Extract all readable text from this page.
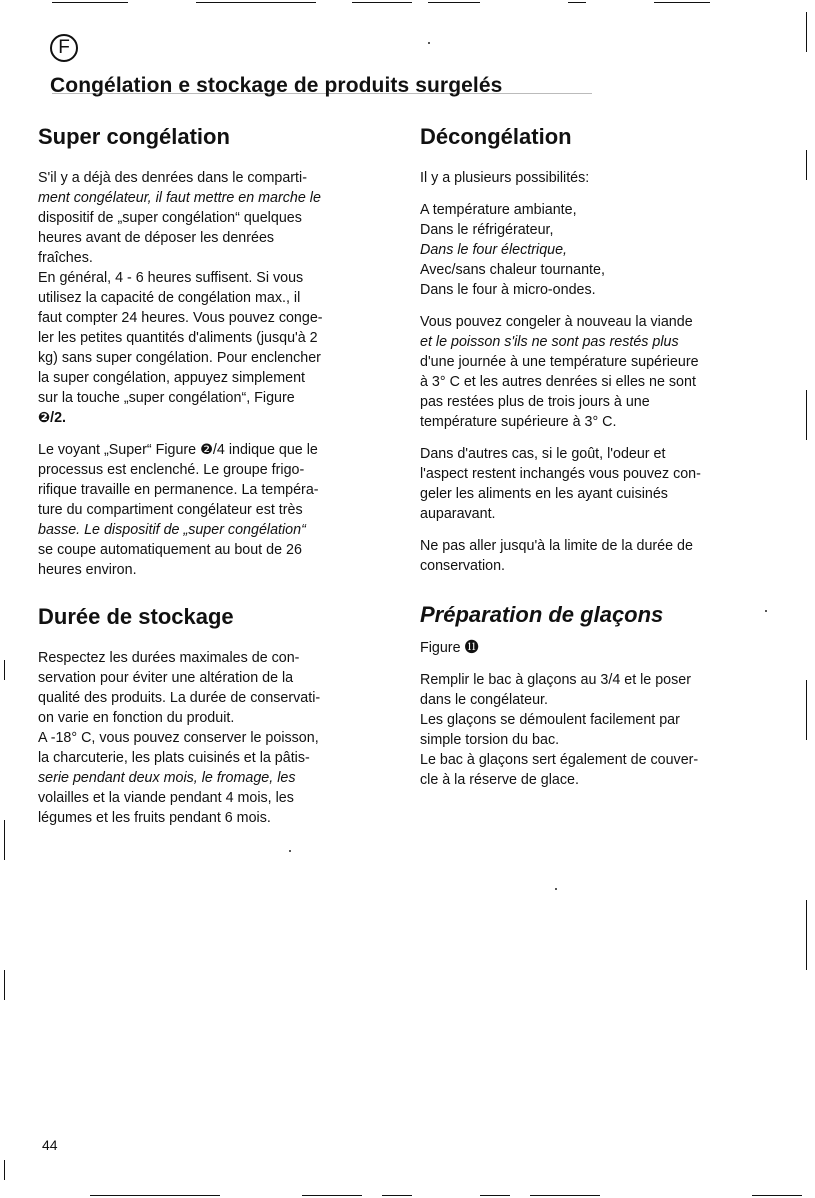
F
Congélation e stockage de produits surgelés
Super congélation

S'il y a déjà des denrées dans le comparti-
ment congélateur, il faut mettre en marche le
dispositif de „super congélation“ quelques
heures avant de déposer les denrées
fraîches.
En général, 4 - 6 heures suffisent. Si vous
utilisez la capacité de congélation max., il
faut compter 24 heures. Vous pouvez conge-
ler les petites quantités d'aliments (jusqu'à 2
kg) sans super congélation. Pour enclencher
la super congélation, appuyez simplement
sur la touche „super congélation“, Figure
❷/2.

Le voyant „Super“ Figure ❷/4 indique que le
processus est enclenché. Le groupe frigo-
rifique travaille en permanence. La tempéra-
ture du compartiment congélateur est très
basse. Le dispositif de „super congélation“
se coupe automatiquement au bout de 26
heures environ.

Durée de stockage

Respectez les durées maximales de con-
servation pour éviter une altération de la
qualité des produits. La durée de conservati-
on varie en fonction du produit.
A -18° C, vous pouvez conserver le poisson,
la charcuterie, les plats cuisinés et la pâtis-
serie pendant deux mois, le fromage, les
volailles et la viande pendant 4 mois, les
légumes et les fruits pendant 6 mois.

Décongélation

Il y a plusieurs possibilités:

A température ambiante,
Dans le réfrigérateur,
Dans le four électrique,
Avec/sans chaleur tournante,
Dans le four à micro-ondes.

Vous pouvez congeler à nouveau la viande
et le poisson s'ils ne sont pas restés plus
d'une journée à une température supérieure
à 3° C et les autres denrées si elles ne sont
pas restées plus de trois jours à une
température supérieure à 3° C.

Dans d'autres cas, si le goût, l'odeur et
l'aspect restent inchangés vous pouvez con-
geler les aliments en les ayant cuisinés
auparavant.

Ne pas aller jusqu'à la limite de la durée de
conservation.

Préparation de glaçons

Figure ⓫

Remplir le bac à glaçons au 3/4 et le poser
dans le congélateur.
Les glaçons se démoulent facilement par
simple torsion du bac.
Le bac à glaçons sert également de couver-
cle à la réserve de glace.

44
